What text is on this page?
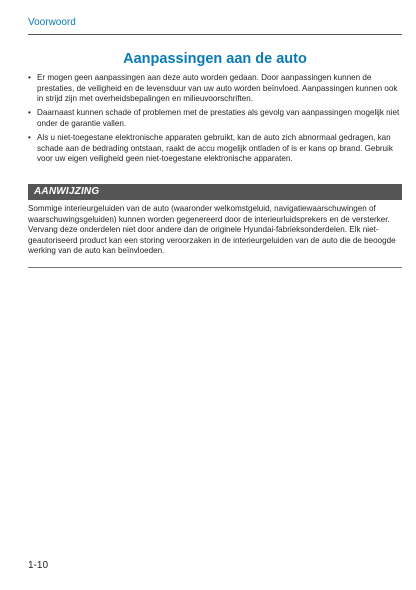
Voorwoord
Aanpassingen aan de auto
• Er mogen geen aanpassingen aan deze auto worden gedaan. Door aanpassingen kunnen de prestaties, de veiligheid en de levensduur van uw auto worden beïnvloed. Aanpassingen kunnen ook in strijd zijn met overheidsbepalingen en milieuvoorschriften.
• Daarnaast kunnen schade of problemen met de prestaties als gevolg van aanpassingen mogelijk niet onder de garantie vallen.
• Als u niet-toegestane elektronische apparaten gebruikt, kan de auto zich abnormaal gedragen, kan schade aan de bedrading ontstaan, raakt de accu mogelijk ontladen of is er kans op brand. Gebruik voor uw eigen veiligheid geen niet-toegestane elektronische apparaten.
AANWIJZING

Sommige interieurgeluiden van de auto (waaronder welkomstgeluid, navigatiewaarschuwingen of waarschuwingsgeluiden) kunnen worden gegenereerd door de interieurluidsprekers en de versterker. Vervang deze onderdelen niet door andere dan de originele Hyundai-fabrieksonderdelen. Elk niet-geautoriseerd product kan een storing veroorzaken in de interieurgeluiden van de auto die de beoogde werking van de auto kan beïnvloeden.

1-10
